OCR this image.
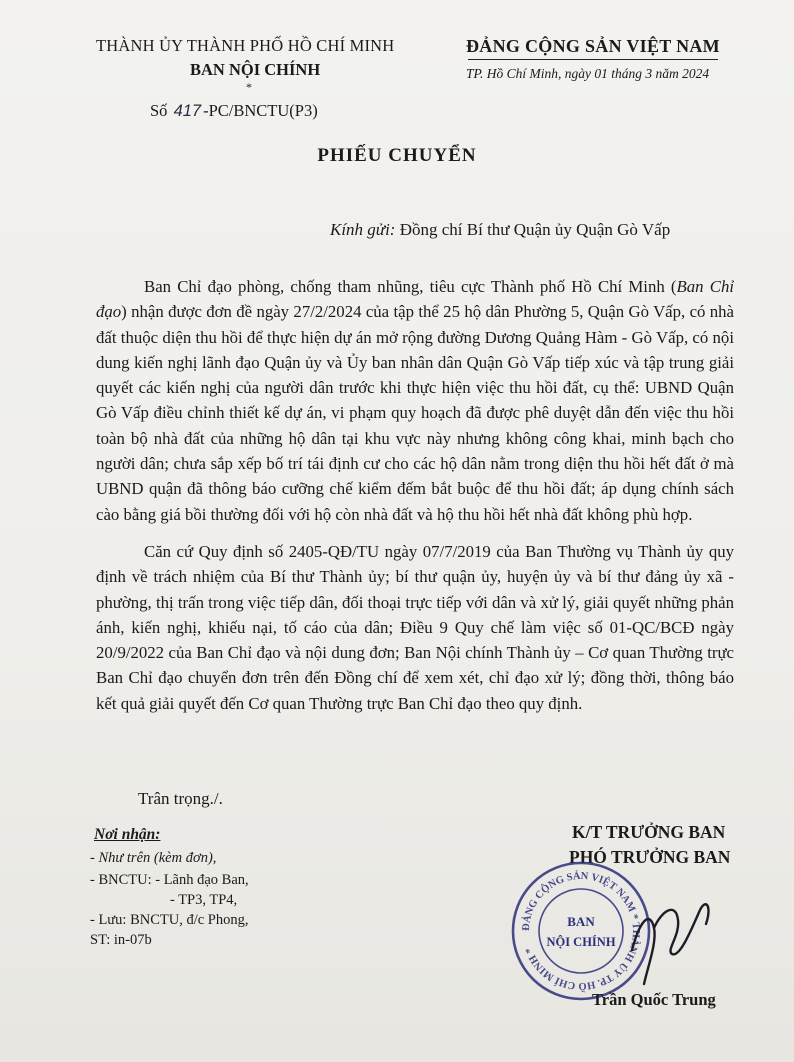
THÀNH ỦY THÀNH PHỐ HỒ CHÍ MINH
BAN NỘI CHÍNH
*
Số 417 -PC/BNCTU(P3)
ĐẢNG CỘNG SẢN VIỆT NAM
TP. Hồ Chí Minh, ngày 01 tháng 3 năm 2024
PHIẾU CHUYỂN
Kính gửi: Đồng chí Bí thư Quận ủy Quận Gò Vấp

Ban Chỉ đạo phòng, chống tham nhũng, tiêu cực Thành phố Hồ Chí Minh (Ban Chỉ đạo) nhận được đơn đề ngày 27/2/2024 của tập thể 25 hộ dân Phường 5, Quận Gò Vấp, có nhà đất thuộc diện thu hồi để thực hiện dự án mở rộng đường Dương Quảng Hàm - Gò Vấp, có nội dung kiến nghị lãnh đạo Quận ủy và Ủy ban nhân dân Quận Gò Vấp tiếp xúc và tập trung giải quyết các kiến nghị của người dân trước khi thực hiện việc thu hồi đất, cụ thể: UBND Quận Gò Vấp điều chỉnh thiết kế dự án, vi phạm quy hoạch đã được phê duyệt dẫn đến việc thu hồi toàn bộ nhà đất của những hộ dân tại khu vực này nhưng không công khai, minh bạch cho người dân; chưa sắp xếp bố trí tái định cư cho các hộ dân nằm trong diện thu hồi hết đất ở mà UBND quận đã thông báo cưỡng chế kiểm đếm bắt buộc để thu hồi đất; áp dụng chính sách cào bằng giá bồi thường đối với hộ còn nhà đất và hộ thu hồi hết nhà đất không phù hợp.

Căn cứ Quy định số 2405-QĐ/TU ngày 07/7/2019 của Ban Thường vụ Thành ủy quy định về trách nhiệm của Bí thư Thành ủy; bí thư quận ủy, huyện ủy và bí thư đảng ủy xã - phường, thị trấn trong việc tiếp dân, đối thoại trực tiếp với dân và xử lý, giải quyết những phản ánh, kiến nghị, khiếu nại, tố cáo của dân; Điều 9 Quy chế làm việc số 01-QC/BCĐ ngày 20/9/2022 của Ban Chỉ đạo và nội dung đơn; Ban Nội chính Thành ủy – Cơ quan Thường trực Ban Chỉ đạo chuyển đơn trên đến Đồng chí để xem xét, chỉ đạo xử lý; đồng thời, thông báo kết quả giải quyết đến Cơ quan Thường trực Ban Chỉ đạo theo quy định.

Trân trọng./.
Nơi nhận:
- Như trên (kèm đơn),
- BNCTU: - Lãnh đạo Ban,
- TP3, TP4,
- Lưu: BNCTU, đ/c Phong,
ST: in-07b
K/T TRƯỞNG BAN
PHÓ TRƯỞNG BAN
ĐẢNG CỘNG SẢN VIỆT NAM * THÀNH ỦY TP. HỒ CHÍ MINH *
BAN
NỘI CHÍNH
Trần Quốc Trung
